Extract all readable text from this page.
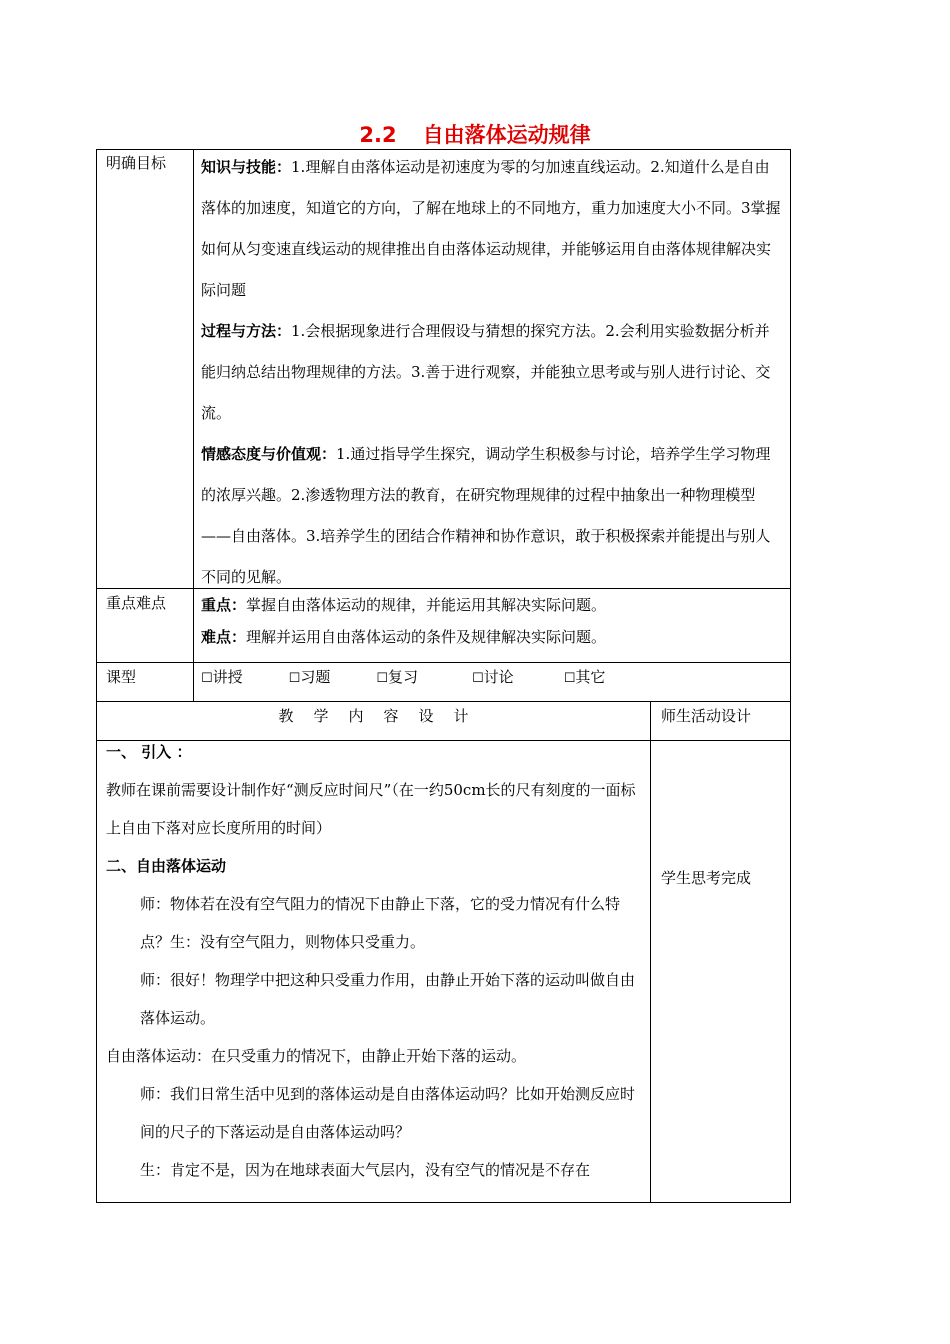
2.2 自由落体运动规律
明确目标 知识与技能：1.理解自由落体运动是初速度为零的匀加速直线运动。2.知道什么是自由落体的加速度，知道它的方向，了解在地球上的不同地方，重力加速度大小不同。3掌握如何从匀变速直线运动的规律推出自由落体运动规律，并能够运用自由落体规律解决实际问题
过程与方法：1.会根据现象进行合理假设与猜想的探究方法。2.会利用实验数据分析并能归纳总结出物理规律的方法。3.善于进行观察，并能独立思考或与别人进行讨论、交流。
情感态度与价值观：1.通过指导学生探究，调动学生积极参与讨论，培养学生学习物理的浓厚兴趣。2.渗透物理方法的教育，在研究物理规律的过程中抽象出一种物理模型——自由落体。3.培养学生的团结合作精神和协作意识，敢于积极探索并能提出与别人不同的见解。
重点难点 重点：掌握自由落体运动的规律，并能运用其解决实际问题。
难点：理解并运用自由落体运动的条件及规律解决实际问题。
课型	☐讲授	☐习题	☐复习	☐讨论	☐其它
教学内容设计	师生活动设计
一、 引入 ：
教师在课前需要设计制作好“测反应时间尺”（在一约50cm长的尺有刻度的一面标上自由下落对应长度所用的时间）
二、自由落体运动
师：物体若在没有空气阻力的情况下由静止下落，它的受力情况有什么特点？生：没有空气阻力，则物体只受重力。
师：很好！物理学中把这种只受重力作用，由静止开始下落的运动叫做自由落体运动。
自由落体运动：在只受重力的情况下，由静止开始下落的运动。
师：我们日常生活中见到的落体运动是自由落体运动吗？比如开始测反应时间的尺子的下落运动是自由落体运动吗？
生：肯定不是，因为在地球表面大气层内，没有空气的情况是不存在
学生思考完成
